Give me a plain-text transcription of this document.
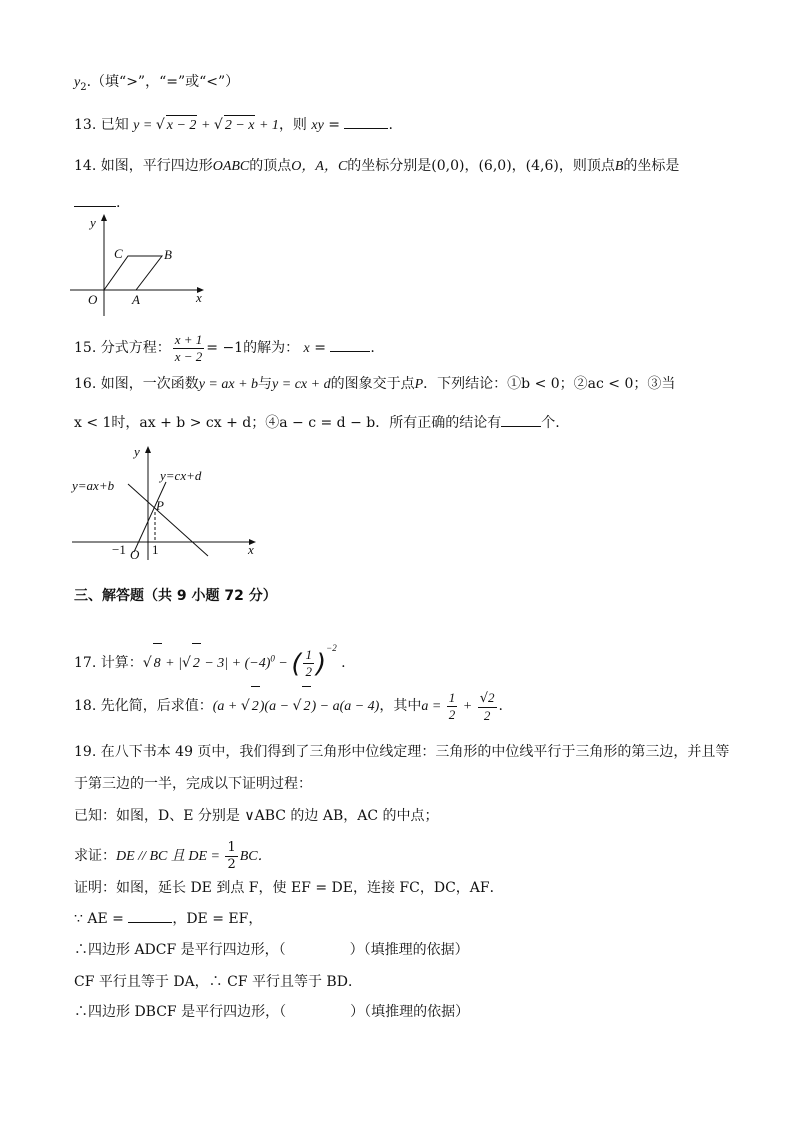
$y_2$.（填“>”，“=”或“<”）
13. 已知 y = √ x − 2 + √ 2 − x + 1，则 xy =	.
14. 如图，平行四边形OABC的顶点O，A，C的坐标分别是(0,0)，(6,0)，(4,6)，则顶点B的坐标是
.
y
x
O	A
B
C
15. 分式方程： $\frac{x + 1}{x - 2} = -1$的解为： x =	.
16. 如图，一次函数y = ax + b与y = cx + d的图象交于点P．下列结论：①b < 0；②ac < 0；③当
x < 1时，ax + b > cx + d；④a − c = d − b．所有正确的结论有	个.
y
x
O
P
1
−1
y=ax+b
y=cx+d
三、解答题（共 9 小题 72 分）
17. 计算：√ 8 + |√ $2 - 3| + (-4)^0$ − ( $\frac{1}{2} )^{-2}$ .
18. 先化简，后求值：(a + √ 2)(a − √ 2) − a(a − 4)，其中$a = \frac{1}{2} + \frac{√2}{2}$ .
19. 在八下书本 49 页中，我们得到了三角形中位线定理：三角形的中位线平行于三角形的第三边，并且等
于第三边的一半，完成以下证明过程：
已知：如图，D、E 分别是 ∨ABC 的边 AB，AC 的中点；
求证：DE // BC 且 DE = $\frac{1}{2}$ BC．
证明：如图，延长 DE 到点 F，使 EF = DE，连接 FC，DC，AF．
∵ AE =	，DE = EF，
∴四边形 ADCF 是平行四边形，（	）（填推理的依据）
CF 平行且等于 DA，∴ CF 平行且等于 BD．
∴四边形 DBCF 是平行四边形，（	）（填推理的依据）
